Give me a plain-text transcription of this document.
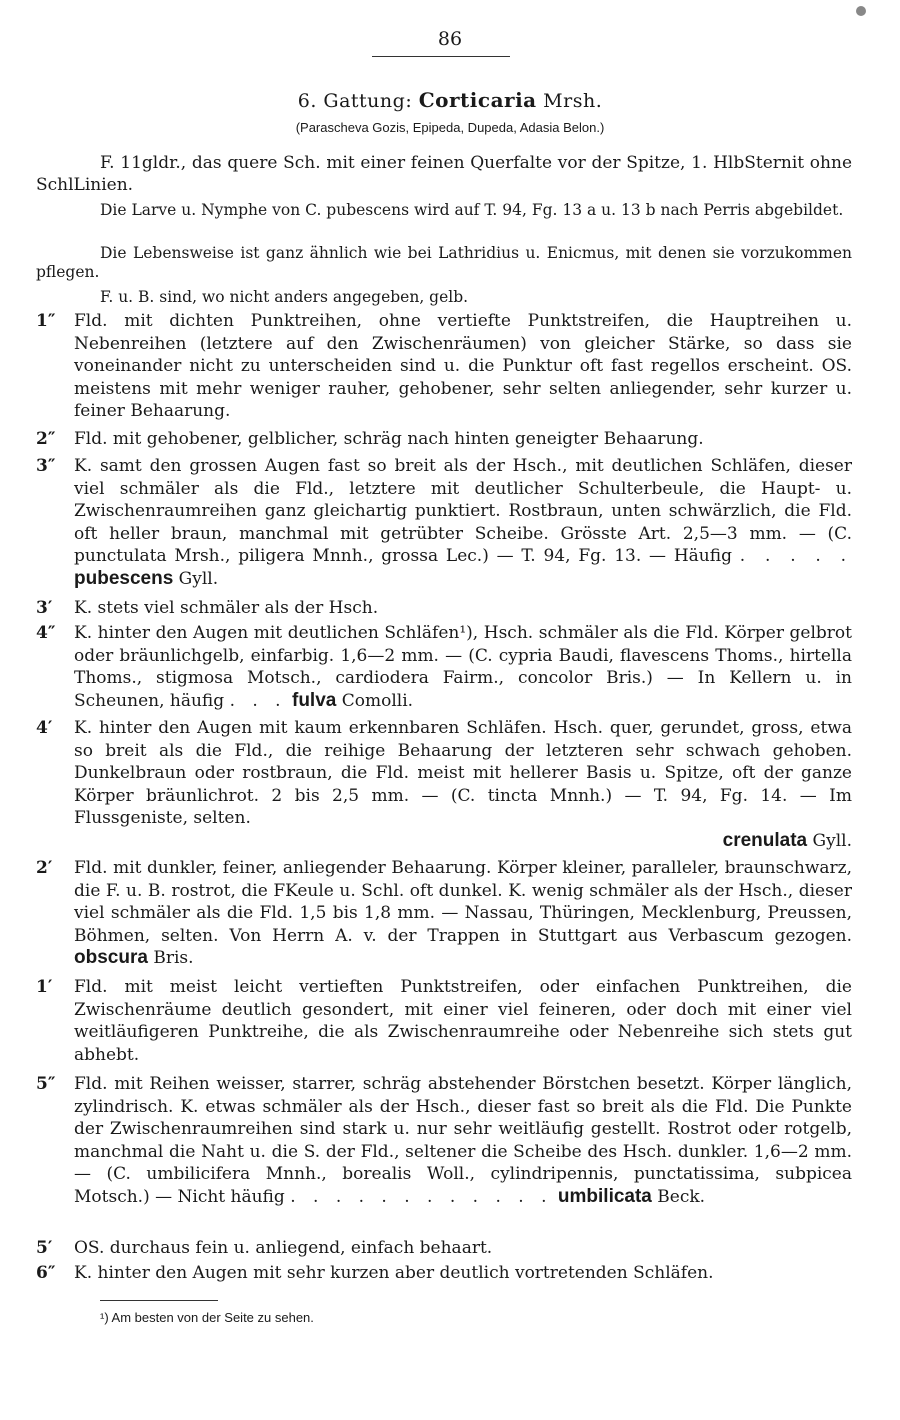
86
6. Gattung: Corticaria Mrsh.
(Parascheva Gozis, Epipeda, Dupeda, Adasia Belon.)
F. 11gldr., das quere Sch. mit einer feinen Querfalte vor der Spitze, 1. HlbSternit ohne SchlLinien.
Die Larve u. Nymphe von C. pubescens wird auf T. 94, Fg. 13 a u. 13 b nach Perris abgebildet.
Die Lebensweise ist ganz ähnlich wie bei Lathridius u. Enicmus, mit denen sie vorzukommen pflegen.
F. u. B. sind, wo nicht anders angegeben, gelb.
1″ Fld. mit dichten Punktreihen, ohne vertiefte Punktstreifen, die Hauptreihen u. Nebenreihen (letztere auf den Zwischenräumen) von gleicher Stärke, so dass sie voneinander nicht zu unterscheiden sind u. die Punktur oft fast regellos erscheint. OS. meistens mit mehr weniger rauher, gehobener, sehr selten anliegender, sehr kurzer u. feiner Behaarung.
2″ Fld. mit gehobener, gelblicher, schräg nach hinten geneigter Behaarung.
3″ K. samt den grossen Augen fast so breit als der Hsch., mit deutlichen Schläfen, dieser viel schmäler als die Fld., letztere mit deutlicher Schulterbeule, die Haupt- u. Zwischenraumreihen ganz gleichartig punktiert. Rostbraun, unten schwärzlich, die Fld. oft heller braun, manchmal mit getrübter Scheibe. Grösste Art. 2,5—3 mm. — (C. punctulata Mrsh., piligera Mnnh., grossa Lec.) — T. 94, Fg. 13. — Häufig . . . . . pubescens Gyll.
3′ K. stets viel schmäler als der Hsch.
4″ K. hinter den Augen mit deutlichen Schläfen¹), Hsch. schmäler als die Fld. Körper gelbrot oder bräunlichgelb, einfarbig. 1,6—2 mm. — (C. cypria Baudi, flavescens Thoms., hirtella Thoms., stigmosa Motsch., cardiodera Fairm., concolor Bris.) — In Kellern u. in Scheunen, häufig . . . fulva Comolli.
4′ K. hinter den Augen mit kaum erkennbaren Schläfen. Hsch. quer, gerundet, gross, etwa so breit als die Fld., die reihige Behaarung der letzteren sehr schwach gehoben. Dunkelbraun oder rostbraun, die Fld. meist mit hellerer Basis u. Spitze, oft der ganze Körper bräunlichrot. 2 bis 2,5 mm. — (C. tincta Mnnh.) — T. 94, Fg. 14. — Im Flussgeniste, selten.
crenulata Gyll.
2′ Fld. mit dunkler, feiner, anliegender Behaarung. Körper kleiner, paralleler, braunschwarz, die F. u. B. rostrot, die FKeule u. Schl. oft dunkel. K. wenig schmäler als der Hsch., dieser viel schmäler als die Fld. 1,5 bis 1,8 mm. — Nassau, Thüringen, Mecklenburg, Preussen, Böhmen, selten. Von Herrn A. v. der Trappen in Stuttgart aus Verbascum gezogen. obscura Bris.
1′ Fld. mit meist leicht vertieften Punktstreifen, oder einfachen Punktreihen, die Zwischenräume deutlich gesondert, mit einer viel feineren, oder doch mit einer viel weitläufigeren Punktreihe, die als Zwischenraumreihe oder Nebenreihe sich stets gut abhebt.
5″ Fld. mit Reihen weisser, starrer, schräg abstehender Börstchen besetzt. Körper länglich, zylindrisch. K. etwas schmäler als der Hsch., dieser fast so breit als die Fld. Die Punkte der Zwischenraumreihen sind stark u. nur sehr weitläufig gestellt. Rostrot oder rotgelb, manchmal die Naht u. die S. der Fld., seltener die Scheibe des Hsch. dunkler. 1,6—2 mm. — (C. umbilicifera Mnnh., borealis Woll., cylindripennis, punctatissima, subpicea Motsch.) — Nicht häufig . . . . . . . . . . . . umbilicata Beck.
5′ OS. durchaus fein u. anliegend, einfach behaart.
6″ K. hinter den Augen mit sehr kurzen aber deutlich vortretenden Schläfen.
¹) Am besten von der Seite zu sehen.
